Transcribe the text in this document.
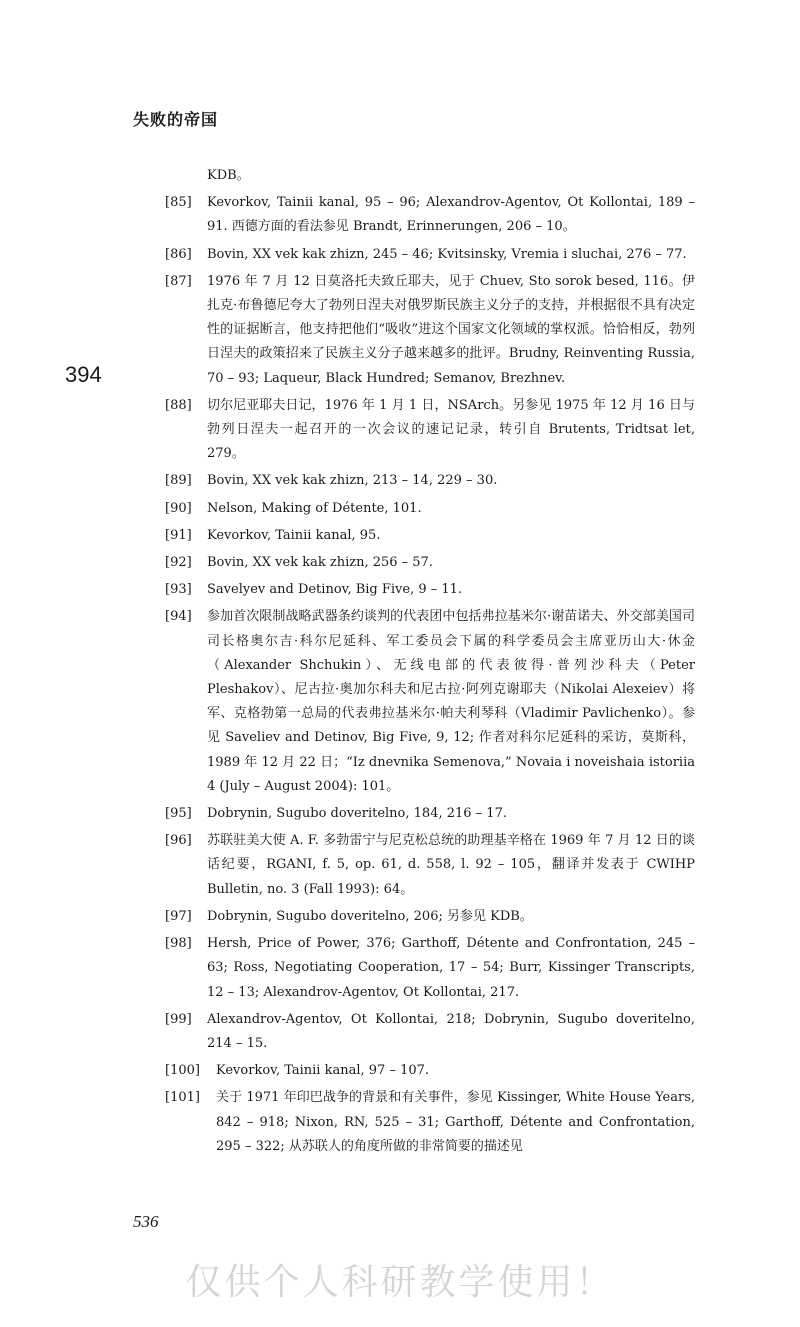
失败的帝国
394
KDB。
[85] Kevorkov, Tainii kanal, 95 – 96; Alexandrov-Agentov, Ot Kollontai, 189 –91. 西德方面的看法参见 Brandt, Erinnerungen, 206 – 10。
[86] Bovin, XX vek kak zhizn, 245 – 46; Kvitsinsky, Vremia i sluchai, 276 – 77.
[87] 1976 年 7 月 12 日莫洛托夫致丘耶夫，见于 Chuev, Sto sorok besed, 116。伊扎克·布鲁德尼夸大了勃列日涅夫对俄罗斯民族主义分子的支持，并根据很不具有决定性的证据断言，他支持把他们“吸收”进这个国家文化领域的掌权派。恰恰相反，勃列日涅夫的政策招来了民族主义分子越来越多的批评。Brudny, Reinventing Russia, 70 – 93; Laqueur, Black Hundred; Semanov, Brezhnev.
[88] 切尔尼亚耶夫日记，1976 年 1 月 1 日，NSArch。另参见 1975 年 12 月 16 日与勃列日涅夫一起召开的一次会议的速记记录，转引自 Brutents, Tridtsat let, 279。
[89] Bovin, XX vek kak zhizn, 213 – 14, 229 – 30.
[90] Nelson, Making of Détente, 101.
[91] Kevorkov, Tainii kanal, 95.
[92] Bovin, XX vek kak zhizn, 256 – 57.
[93] Savelyev and Detinov, Big Five, 9 – 11.
[94] 参加首次限制战略武器条约谈判的代表团中包括弗拉基米尔·谢苗诺夫、外交部美国司司长格奥尔吉·科尔尼延科、军工委员会下属的科学委员会主席亚历山大·休金（Alexander Shchukin）、无线电部的代表彼得·普列沙科夫（Peter Pleshakov）、尼古拉·奥加尔科夫和尼古拉·阿列克谢耶夫（Nikolai Alexeiev）将军、克格勃第一总局的代表弗拉基米尔·帕夫利琴科（Vladimir Pavlichenko）。参见 Saveliev and Detinov, Big Five, 9, 12; 作者对科尔尼延科的采访，莫斯科，1989 年 12 月 22 日；“Iz dnevnika Semenova,” Novaia i noveishaia istoriia 4 (July – August 2004): 101。
[95] Dobrynin, Sugubo doveritelno, 184, 216 – 17.
[96] 苏联驻美大使 A. F. 多勃雷宁与尼克松总统的助理基辛格在 1969 年 7 月 12 日的谈话纪要，RGANI, f. 5, op. 61, d. 558, l. 92 – 105，翻译并发表于 CWIHP Bulletin, no. 3 (Fall 1993): 64。
[97] Dobrynin, Sugubo doveritelno, 206; 另参见 KDB。
[98] Hersh, Price of Power, 376; Garthoff, Détente and Confrontation, 245 – 63; Ross, Negotiating Cooperation, 17 – 54; Burr, Kissinger Transcripts, 12 – 13; Alexandrov-Agentov, Ot Kollontai, 217.
[99] Alexandrov-Agentov, Ot Kollontai, 218; Dobrynin, Sugubo doveritelno, 214 – 15.
[100] Kevorkov, Tainii kanal, 97 – 107.
[101] 关于 1971 年印巴战争的背景和有关事件，参见 Kissinger, White House Years, 842 – 918; Nixon, RN, 525 – 31; Garthoff, Détente and Confrontation, 295 – 322; 从苏联人的角度所做的非常简要的描述见
536
仅供个人科研教学使用！
